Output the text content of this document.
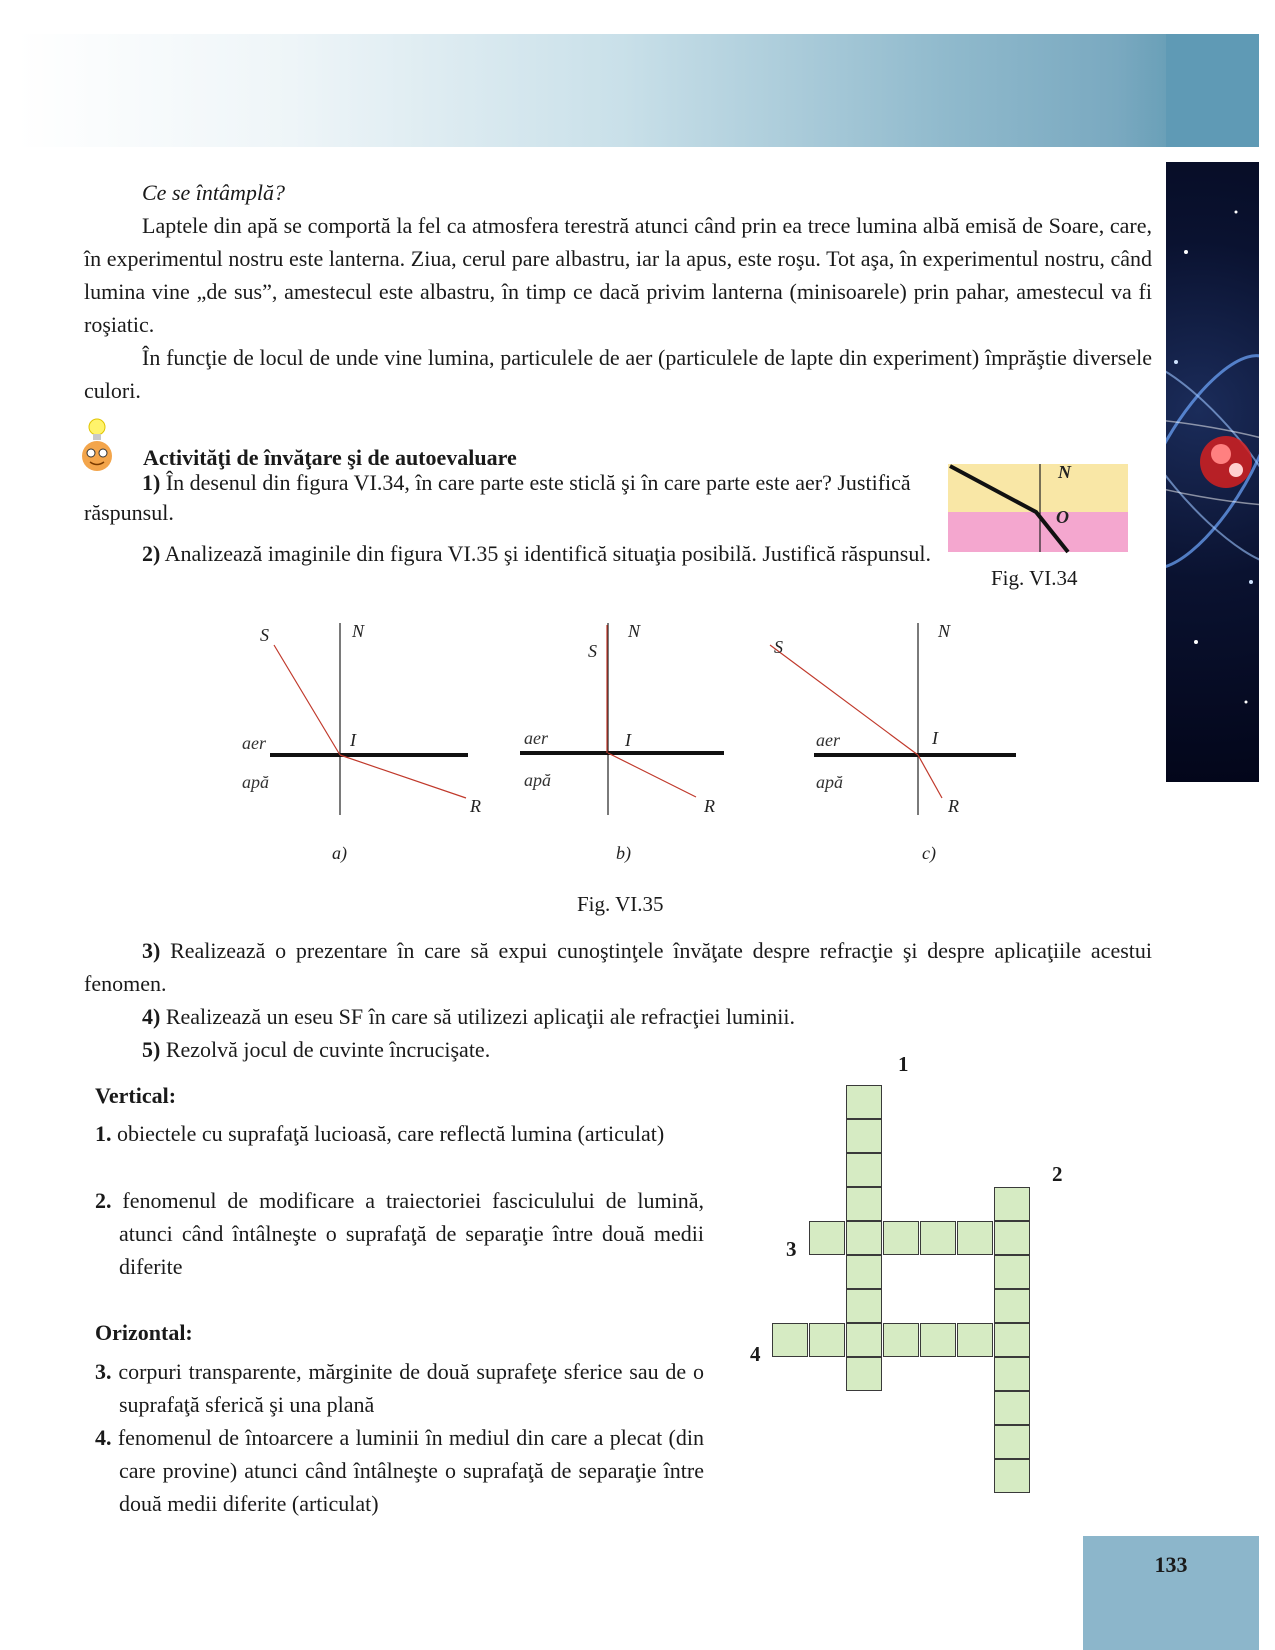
Ce se întâmplă?

Laptele din apă se comportă la fel ca atmosfera terestră atunci când prin ea trece lumina albă emisă de Soare, care, în experimentul nostru este lanterna. Ziua, cerul pare albastru, iar la apus, este roşu. Tot aşa, în experimentul nostru, când lumina vine „de sus”, amestecul este albastru, în timp ce dacă privim lanterna (minisoarele) prin pahar, amestecul va fi roşiatic.

În funcţie de locul de unde vine lumina, particulele de aer (particulele de lapte din experiment) împrăştie diversele culori.

Activităţi de învăţare şi de autoevaluare

1) În desenul din figura VI.34, în care parte este sticlă şi în care parte este aer? Justifică răspunsul.

2) Analizează imaginile din figura VI.35 şi identifică situaţia posibilă. Justifică răspunsul.

N
O
Fig. VI.34
S	N
I
R
aer
apă
a)
S
N
I
R
aer
apă
b)
S
N
I
R
aer
apă
c)
Fig. VI.35

3) Realizează o prezentare în care să expui cunoştinţele învăţate despre refracţie şi despre aplicaţiile acestui fenomen.

4) Realizează un eseu SF în care să utilizezi aplicaţii ale refracţiei luminii.

5) Rezolvă jocul de cuvinte încrucişate.

Vertical:
1. obiectele cu suprafaţă lucioasă, care reflectă lumina (articulat)
2. fenomenul de modificare a traiectoriei fasciculului de lumină, atunci când întâlneşte o suprafaţă de separaţie între două medii diferite
Orizontal:
3. corpuri transparente, mărginite de două suprafeţe sferice sau de o suprafaţă sferică şi una plană
4. fenomenul de întoarcere a luminii în mediul din care a plecat (din care provine) atunci când întâlneşte o suprafaţă de separaţie între două medii diferite (articulat)
1
2
3
4
133
